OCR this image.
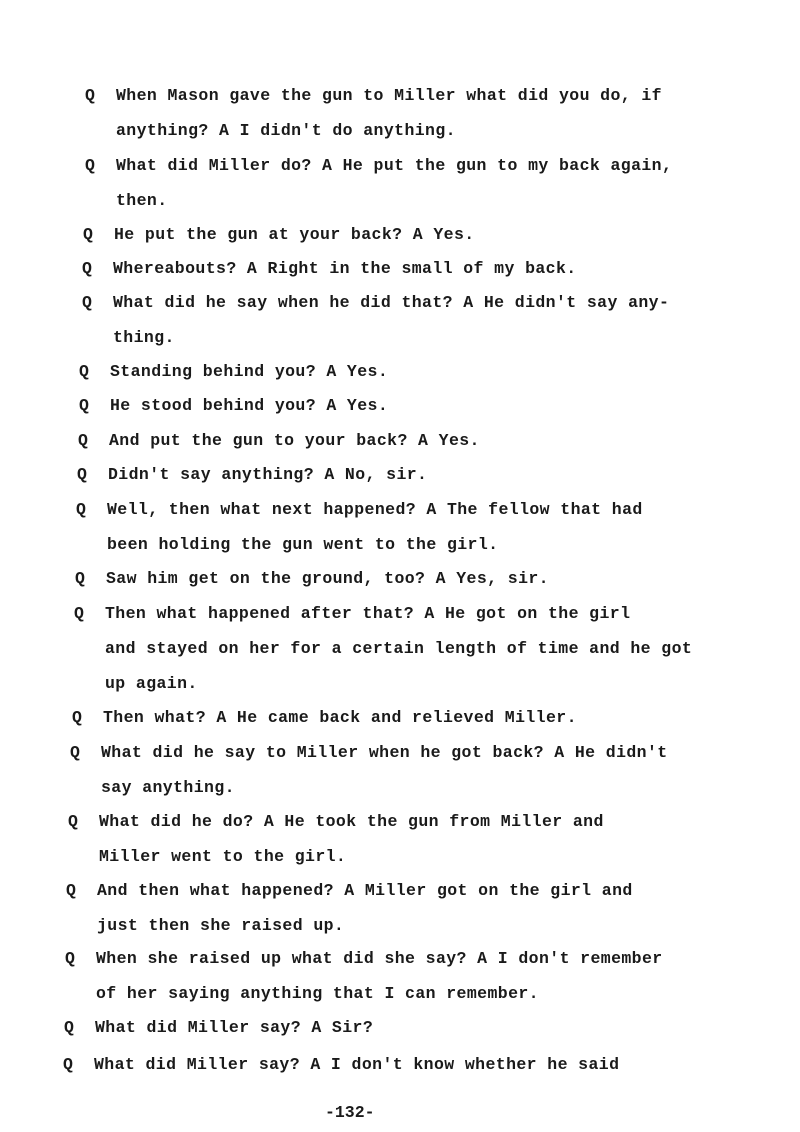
Q When Mason gave the gun to Miller what did you do, if
anything? A I didn't do anything.
Q What did Miller do? A He put the gun to my back again,
then.
Q He put the gun at your back? A Yes.
Q Whereabouts? A Right in the small of my back.
Q What did he say when he did that? A He didn't say any-
thing.
Q Standing behind you? A Yes.
Q He stood behind you? A Yes.
Q And put the gun to your back? A Yes.
Q Didn't say anything? A No, sir.
Q Well, then what next happened? A The fellow that had
been holding the gun went to the girl.
Q Saw him get on the ground, too? A Yes, sir.
Q Then what happened after that? A He got on the girl
and stayed on her for a certain length of time and he got
up again.
Q Then what? A He came back and relieved Miller.
Q What did he say to Miller when he got back? A He didn't
say anything.
Q What did he do? A He took the gun from Miller and
Miller went to the girl.
Q And then what happened? A Miller got on the girl and
just then she raised up.
Q When she raised up what did she say? A I don't remember
of her saying anything that I can remember.
Q What did Miller say? A Sir?
Q What did Miller say? A I don't know whether he said
-132-
